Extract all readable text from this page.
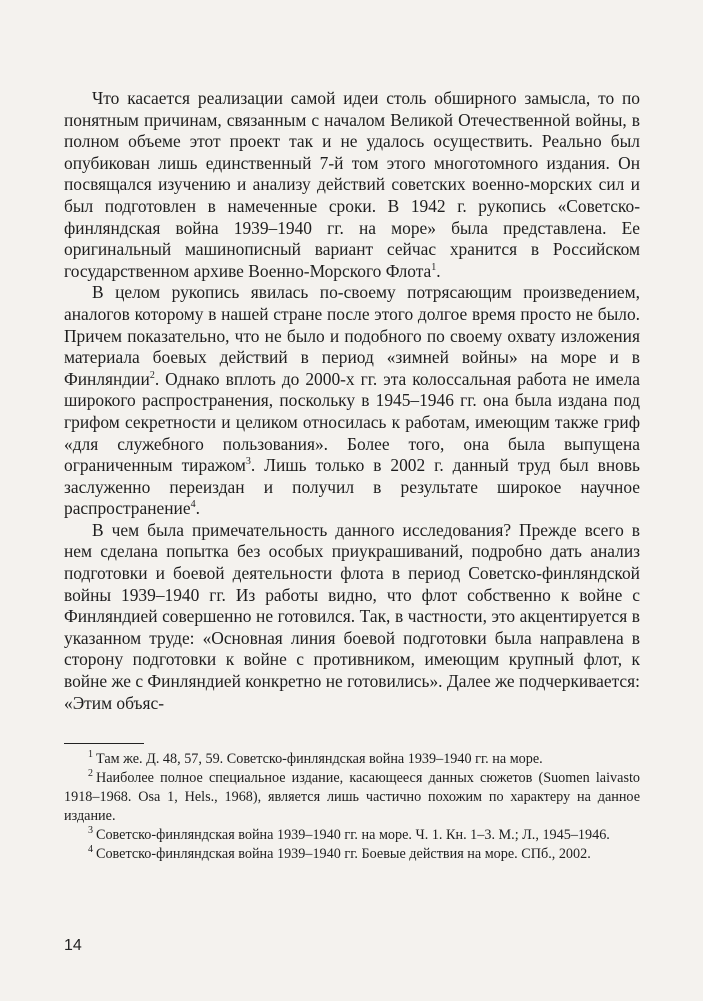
Что касается реализации самой идеи столь обширного замысла, то по понятным причинам, связанным с началом Великой Отечественной войны, в полном объеме этот проект так и не удалось осуществить. Реально был опубикован лишь единственный 7-й том этого многотомного издания. Он посвящался изучению и анализу действий советских военно-морских сил и был подготовлен в намеченные сроки. В 1942 г. рукопись «Советско-финляндская война 1939–1940 гг. на море» была представлена. Ее оригинальный машинописный вариант сейчас хранится в Российском государственном архиве Военно-Морского Флота$^1$.

В целом рукопись явилась по-своему потрясающим произведением, аналогов которому в нашей стране после этого долгое время просто не было. Причем показательно, что не было и подобного по своему охвату изложения материала боевых действий в период «зимней войны» на море и в Финляндии$^2$. Однако вплоть до 2000-х гг. эта колоссальная работа не имела широкого распространения, поскольку в 1945–1946 гг. она была издана под грифом секретности и целиком относилась к работам, имеющим также гриф «для служебного пользования». Более того, она была выпущена ограниченным тиражом$^3$. Лишь только в 2002 г. данный труд был вновь заслуженно переиздан и получил в результате широкое научное распространение$^4$.

В чем была примечательность данного исследования? Прежде всего в нем сделана попытка без особых приукрашиваний, подробно дать анализ подготовки и боевой деятельности флота в период Советско-финляндской войны 1939–1940 гг. Из работы видно, что флот собственно к войне с Финляндией совершенно не готовился. Так, в частности, это акцентируется в указанном труде: «Основная линия боевой подготовки была направлена в сторону подготовки к войне с противником, имеющим крупный флот, к войне же с Финляндией конкретно не готовились». Далее же подчеркивается: «Этим объяс-

$^1$ Там же. Д. 48, 57, 59. Советско-финляндская война 1939–1940 гг. на море.

$^2$ Наиболее полное специальное издание, касающееся данных сюжетов (Suomen laivasto 1918–1968. Osa 1, Hels., 1968), является лишь частично похожим по характеру на данное издание.

$^3$ Советско-финляндская война 1939–1940 гг. на море. Ч. 1. Кн. 1–3. М.; Л., 1945–1946.

$^4$ Советско-финляндская война 1939–1940 гг. Боевые действия на море. СПб., 2002.

14
